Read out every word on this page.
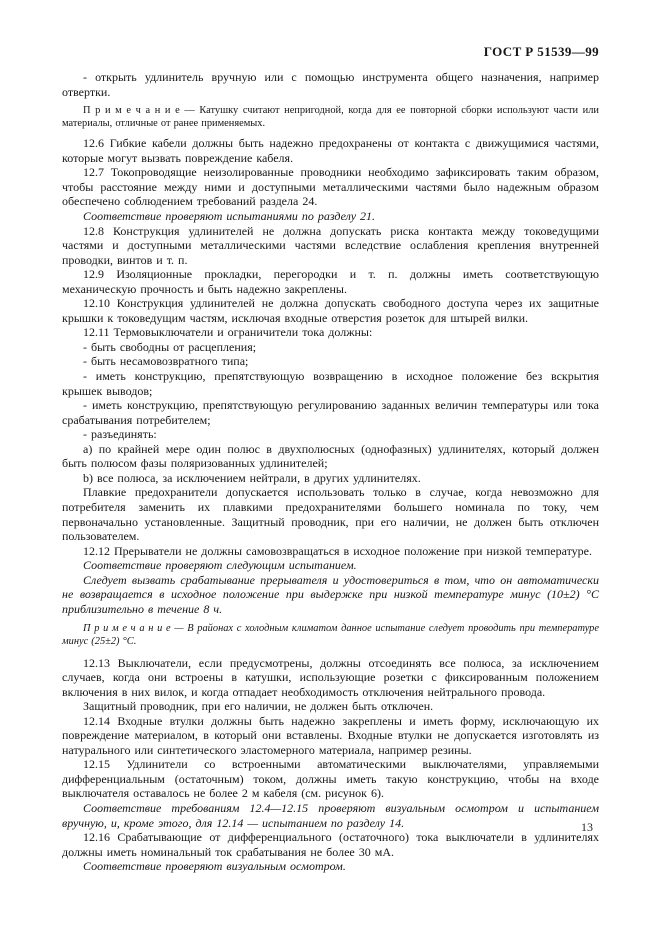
ГОСТ Р 51539—99

- открыть удлинитель вручную или с помощью инструмента общего назначения, например отвертки.

П р и м е ч а н и е — Катушку считают непригодной, когда для ее повторной сборки используют части или материалы, отличные от ранее применяемых.

12.6 Гибкие кабели должны быть надежно предохранены от контакта с движущимися частями, которые могут вызвать повреждение кабеля.

12.7 Токопроводящие неизолированные проводники необходимо зафиксировать таким образом, чтобы расстояние между ними и доступными металлическими частями было надежным образом обеспечено соблюдением требований раздела 24.

Соответствие проверяют испытаниями по разделу 21.

12.8 Конструкция удлинителей не должна допускать риска контакта между токоведущими частями и доступными металлическими частями вследствие ослабления крепления внутренней проводки, винтов и т. п.

12.9 Изоляционные прокладки, перегородки и т. п. должны иметь соответствующую механическую прочность и быть надежно закреплены.

12.10 Конструкция удлинителей не должна допускать свободного доступа через их защитные крышки к токоведущим частям, исключая входные отверстия розеток для штырей вилки.

12.11 Термовыключатели и ограничители тока должны:

- быть свободны от расцепления;

- быть несамовозвратного типа;

- иметь конструкцию, препятствующую возвращению в исходное положение без вскрытия крышек выводов;

- иметь конструкцию, препятствующую регулированию заданных величин температуры или тока срабатывания потребителем;

- разъединять:

а) по крайней мере один полюс в двухполюсных (однофазных) удлинителях, который должен быть полюсом фазы поляризованных удлинителей;

b) все полюса, за исключением нейтрали, в других удлинителях.

Плавкие предохранители допускается использовать только в случае, когда невозможно для потребителя заменить их плавкими предохранителями большего номинала по току, чем первоначально установленные. Защитный проводник, при его наличии, не должен быть отключен пользователем.

12.12 Прерыватели не должны самовозвращаться в исходное положение при низкой температуре.

Соответствие проверяют следующим испытанием.

Следует вызвать срабатывание прерывателя и удостовериться в том, что он автоматически не возвращается в исходное положение при выдержке при низкой температуре минус (10±2) °С приблизительно в течение 8 ч.

П р и м е ч а н и е — В районах с холодным климатом данное испытание следует проводить при температуре минус (25±2) °С.

12.13 Выключатели, если предусмотрены, должны отсоединять все полюса, за исключением случаев, когда они встроены в катушки, использующие розетки с фиксированным положением включения в них вилок, и когда отпадает необходимость отключения нейтрального провода.

Защитный проводник, при его наличии, не должен быть отключен.

12.14 Входные втулки должны быть надежно закреплены и иметь форму, исключающую их повреждение материалом, в который они вставлены. Входные втулки не допускается изготовлять из натурального или синтетического эластомерного материала, например резины.

12.15 Удлинители со встроенными автоматическими выключателями, управляемыми дифференциальным (остаточным) током, должны иметь такую конструкцию, чтобы на входе выключателя оставалось не более 2 м кабеля (см. рисунок 6).

Соответствие требованиям 12.4—12.15 проверяют визуальным осмотром и испытанием вручную, и, кроме этого, для 12.14 — испытанием по разделу 14.

12.16 Срабатывающие от дифференциального (остаточного) тока выключатели в удлинителях должны иметь номинальный ток срабатывания не более 30 мА.

Соответствие проверяют визуальным осмотром.

13
